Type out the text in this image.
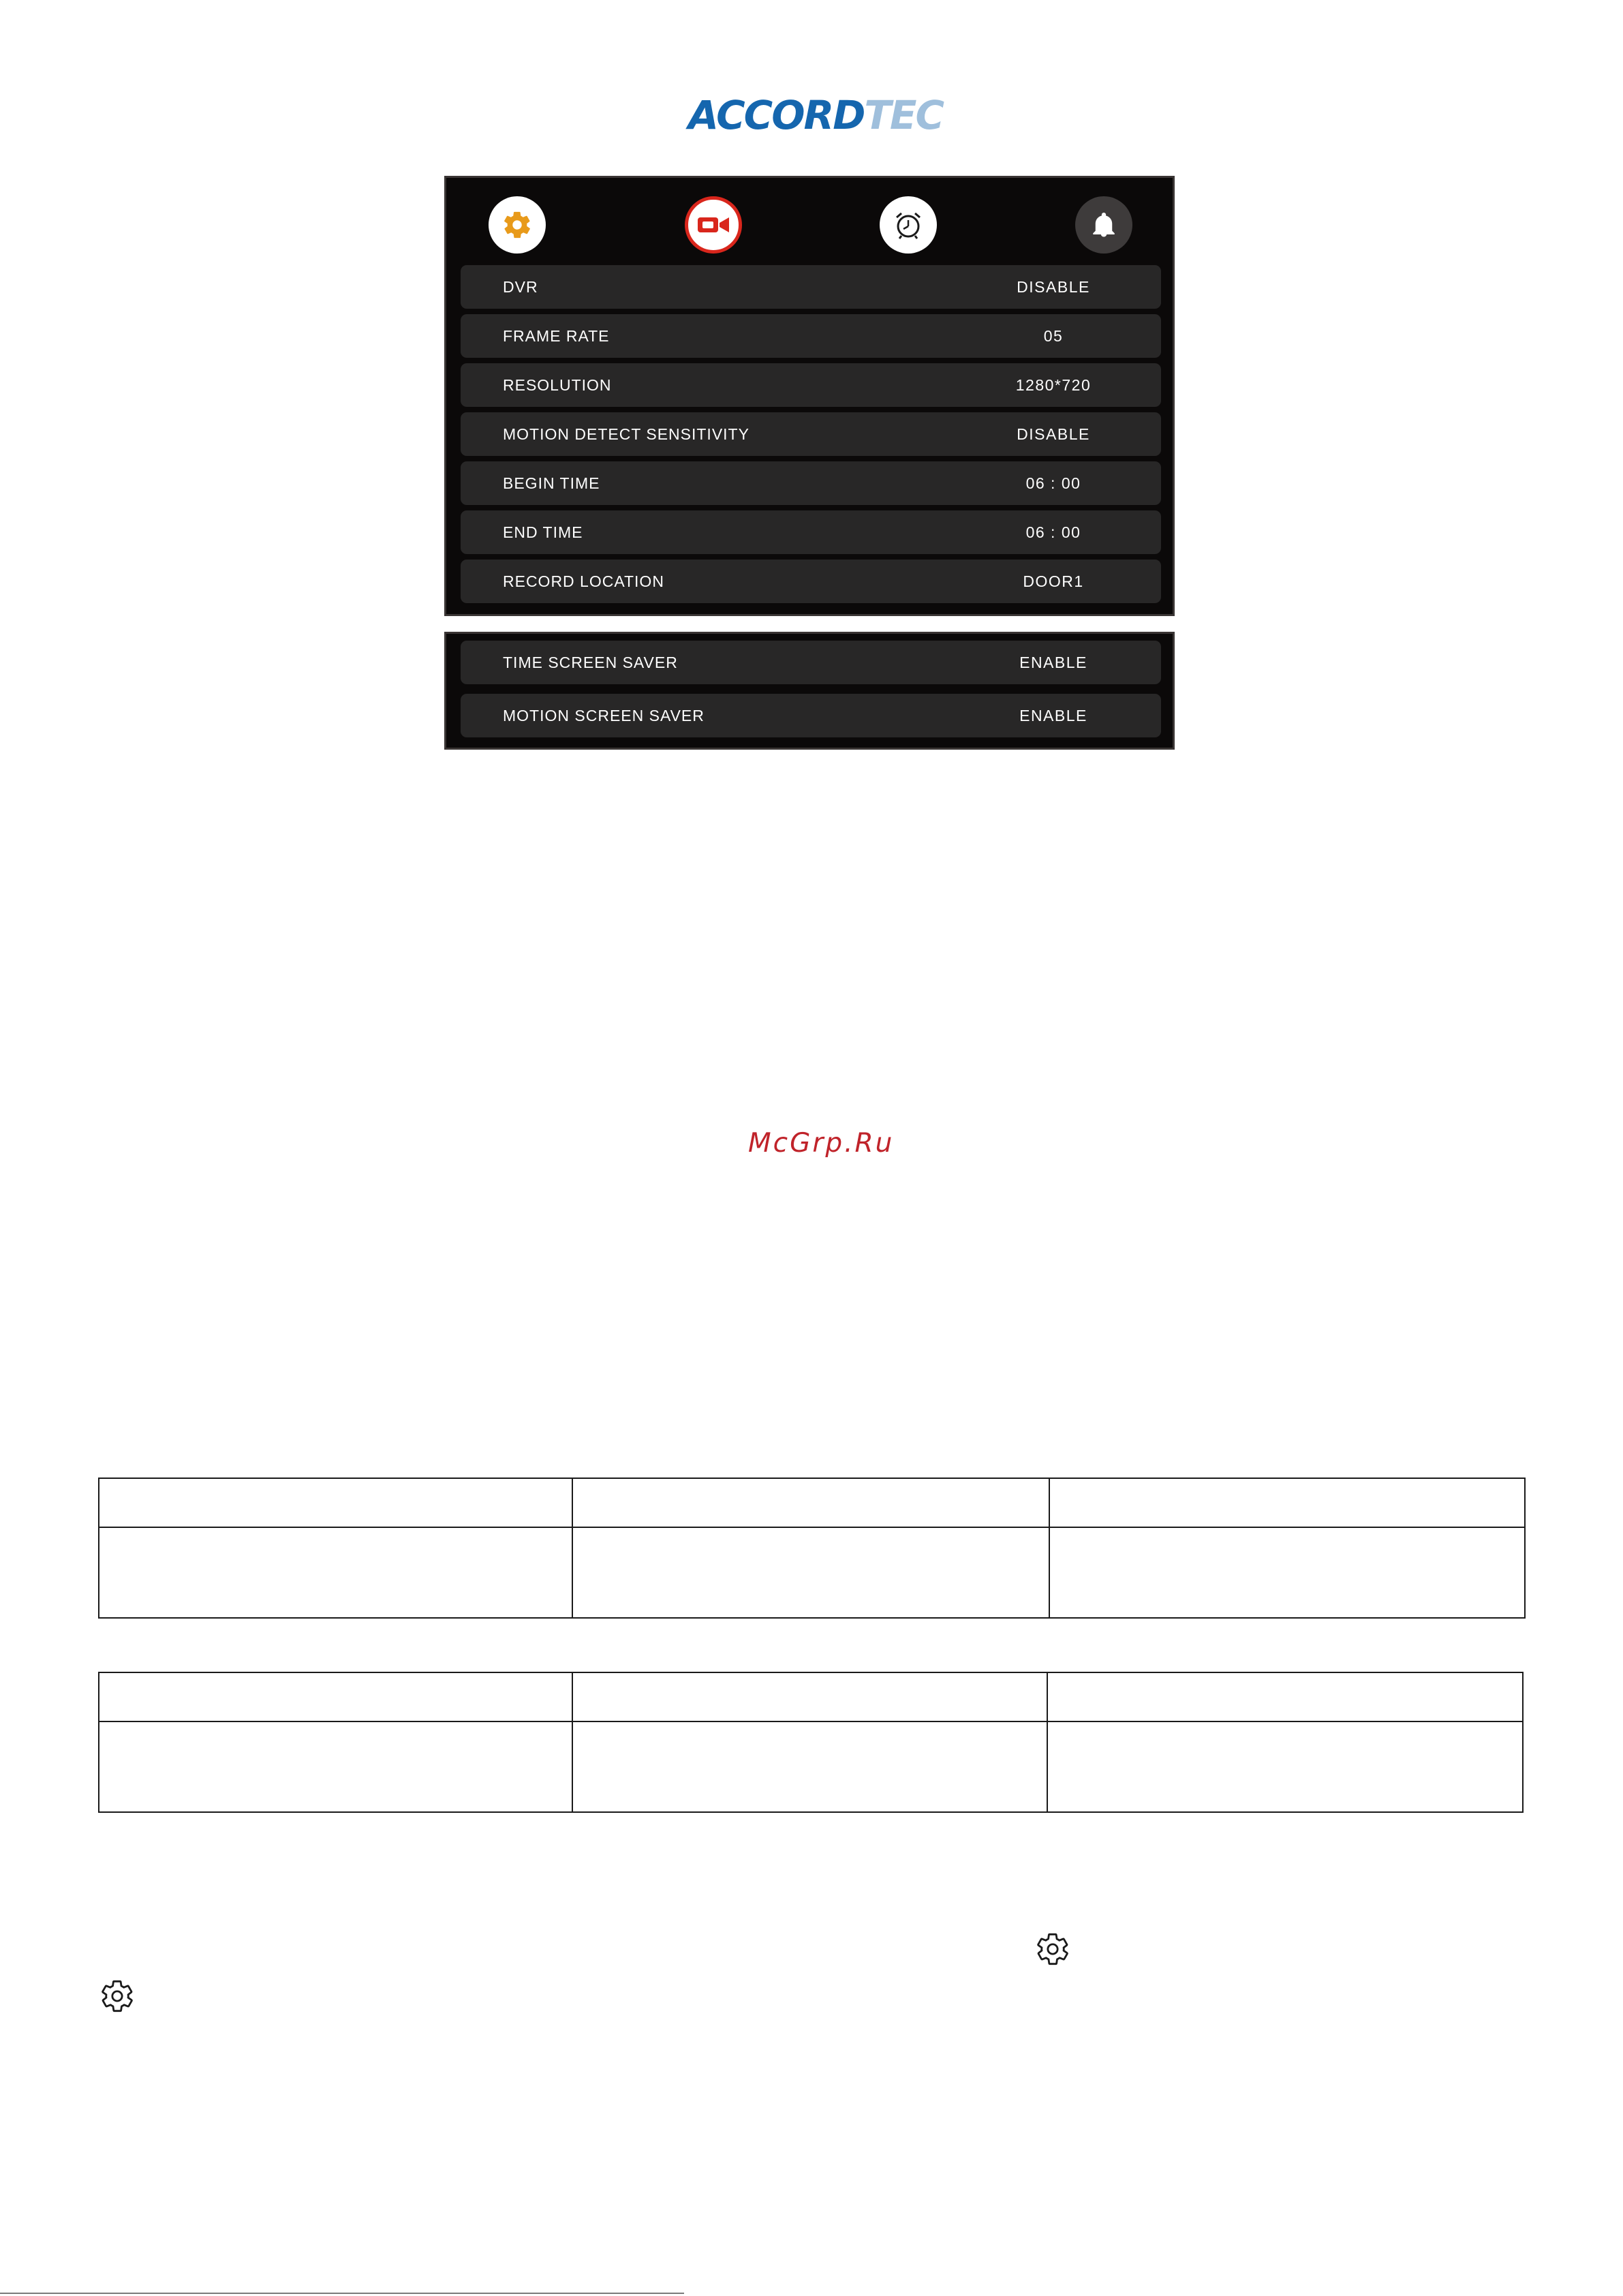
ACCORD TEC
DVR	DISABLE
FRAME RATE	05
RESOLUTION	1280*720
MOTION DETECT SENSITIVITY	DISABLE
BEGIN TIME	06 : 00
END TIME	06 : 00
RECORD LOCATION	DOOR1
TIME SCREEN SAVER	ENABLE
MOTION SCREEN SAVER	ENABLE
McGrp.Ru
